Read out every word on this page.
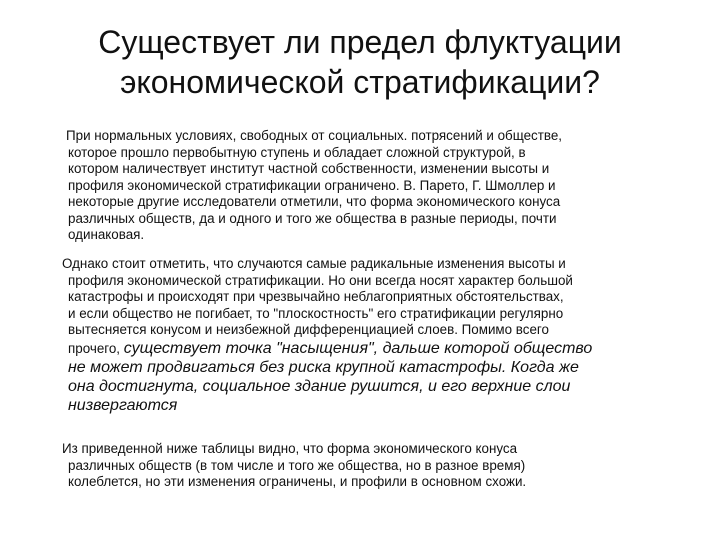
Существует ли предел флуктуации
экономической стратификации?

При нормальных условиях, свободных от социальных. потрясений и обществе,
которое прошло первобытную ступень и обладает сложной структурой, в
котором наличествует институт частной собственности, изменении высоты и
профиля экономической стратификации ограничено. В. Парето, Г. Шмоллер и
некоторые другие исследователи отметили, что форма экономического конуса
различных обществ, да и одного и того же общества в разные периоды, почти
одинаковая.

Однако стоит отметить, что случаются самые радикальные изменения высоты и
профиля экономической стратификации. Но они всегда носят характер большой
катастрофы и происходят при чрезвычайно неблагоприятных обстоятельствах,
и если общество не погибает, то "плоскостность" его стратификации регулярно
вытесняется конусом и неизбежной дифференциацией слоев. Помимо всего
прочего, существует точка "насыщения", дальше которой общество
не может продвигаться без риска крупной катастрофы. Когда же
она достигнута, социальное здание рушится, и его верхние слои
низвергаются

Из приведенной ниже таблицы видно, что форма экономического конуса
различных обществ (в том числе и того же общества, но в разное время)
колеблется, но эти изменения ограничены, и профили в основном схожи.
